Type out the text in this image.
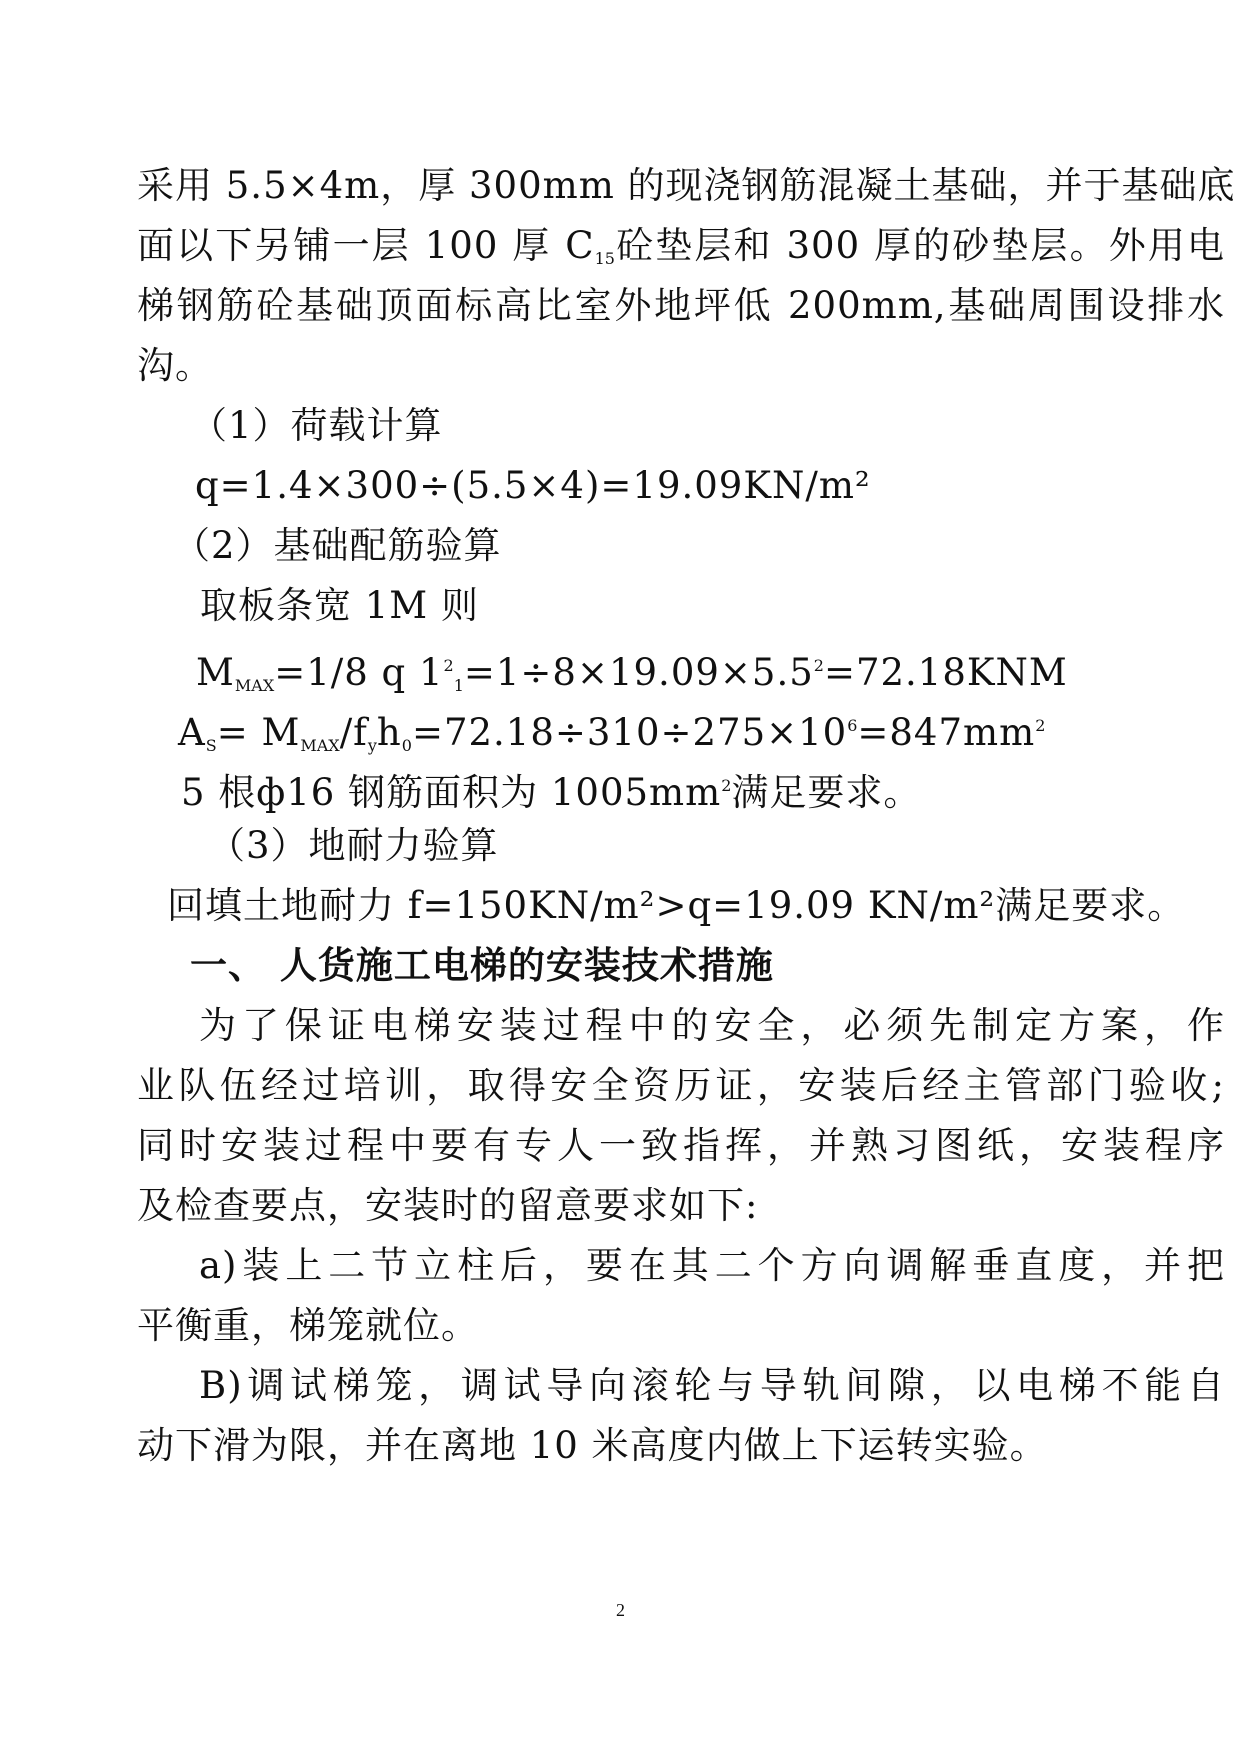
采用 5.5×4m，厚 300mm 的现浇钢筋混凝土基础，并于基础底
面以下另铺一层 100 厚 $C_{15}$砼垫层和 300 厚的砂垫层。外用电
梯钢筋砼基础顶面标高比室外地坪低 200mm,基础周围设排水
沟。
（1）荷载计算
q=1.4×300÷(5.5×4)=19.09KN/m²
（2）基础配筋验算
取板条宽 1M 则
$M_{MAX}=1/8$ q $1^2_1=1\div 8\times 19.09\times 5.5^2=72.18KNM$
$A_S= M_{MAX}/f_yh_0=72.18\div 310\div 275\times 10^6=847mm^2$
5 根ф16 钢筋面积为 $1005mm^2$满足要求。
（3）地耐力验算
回填土地耐力 f=150KN/m²>q=19.09 KN/m²满足要求。
一、 人货施工电梯的安装技术措施
为了保证电梯安装过程中的安全，必须先制定方案，作
业队伍经过培训，取得安全资历证，安装后经主管部门验收;
同时安装过程中要有专人一致指挥，并熟习图纸，安装程序
及检查要点，安装时的留意要求如下:
a)装上二节立柱后，要在其二个方向调解垂直度，并把
平衡重，梯笼就位。
B)调试梯笼，调试导向滚轮与导轨间隙，以电梯不能自
动下滑为限，并在离地 10 米高度内做上下运转实验。
2
